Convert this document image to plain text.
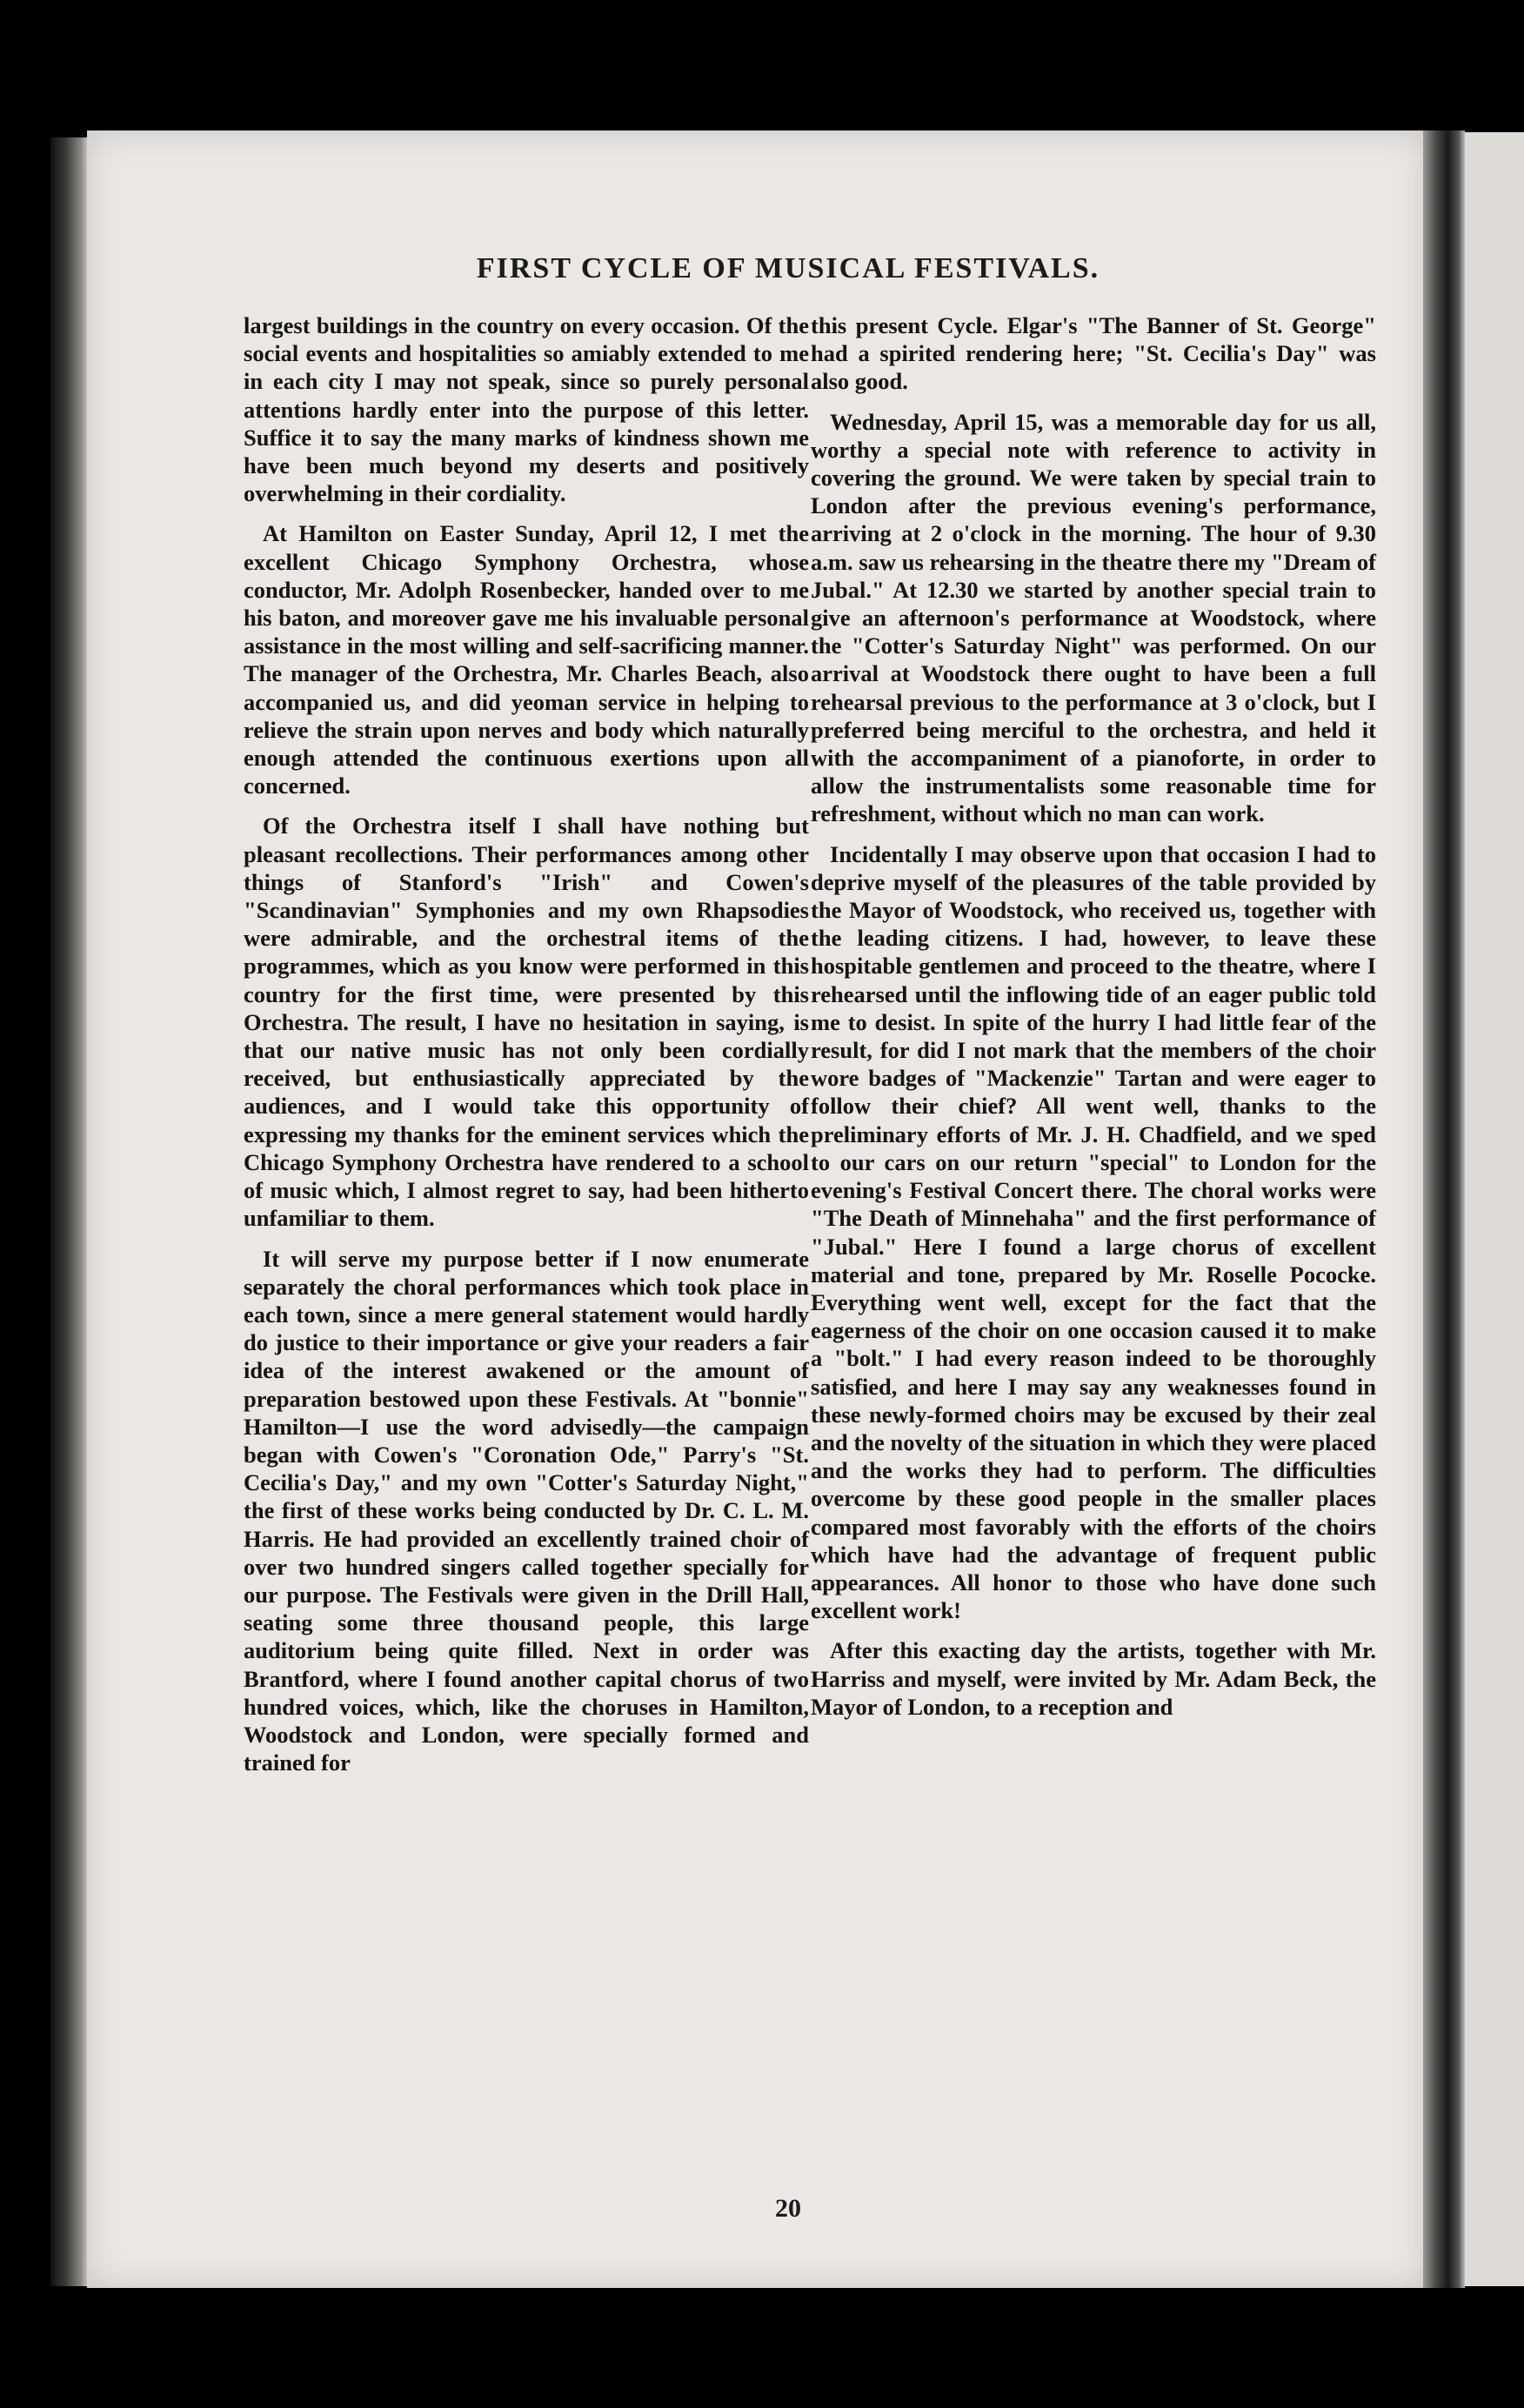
FIRST CYCLE OF MUSICAL FESTIVALS.

largest buildings in the country on every occasion. Of the social events and hospitalities so amiably extended to me in each city I may not speak, since so purely personal attentions hardly enter into the purpose of this letter. Suffice it to say the many marks of kindness shown me have been much beyond my deserts and positively overwhelming in their cordiality.

At Hamilton on Easter Sunday, April 12, I met the excellent Chicago Symphony Orchestra, whose conductor, Mr. Adolph Rosenbecker, handed over to me his baton, and moreover gave me his invaluable personal assistance in the most willing and self-sacrificing manner. The manager of the Orchestra, Mr. Charles Beach, also accompanied us, and did yeoman service in helping to relieve the strain upon nerves and body which naturally enough attended the continuous exertions upon all concerned.

Of the Orchestra itself I shall have nothing but pleasant recollections. Their performances among other things of Stanford's "Irish" and Cowen's "Scandinavian" Symphonies and my own Rhapsodies were admirable, and the orchestral items of the programmes, which as you know were performed in this country for the first time, were presented by this Orchestra. The result, I have no hesitation in saying, is that our native music has not only been cordially received, but enthusiastically appreciated by the audiences, and I would take this opportunity of expressing my thanks for the eminent services which the Chicago Symphony Orchestra have rendered to a school of music which, I almost regret to say, had been hitherto unfamiliar to them.

It will serve my purpose better if I now enumerate separately the choral performances which took place in each town, since a mere general statement would hardly do justice to their importance or give your readers a fair idea of the interest awakened or the amount of preparation bestowed upon these Festivals. At "bonnie" Hamilton—I use the word advisedly—the campaign began with Cowen's "Coronation Ode," Parry's "St. Cecilia's Day," and my own "Cotter's Saturday Night," the first of these works being conducted by Dr. C. L. M. Harris. He had provided an excellently trained choir of over two hundred singers called together specially for our purpose. The Festivals were given in the Drill Hall, seating some three thousand people, this large auditorium being quite filled. Next in order was Brantford, where I found another capital chorus of two hundred voices, which, like the choruses in Hamilton, Woodstock and London, were specially formed and trained for

this present Cycle. Elgar's "The Banner of St. George" had a spirited rendering here; "St. Cecilia's Day" was also good.

Wednesday, April 15, was a memorable day for us all, worthy a special note with reference to activity in covering the ground. We were taken by special train to London after the previous evening's performance, arriving at 2 o'clock in the morning. The hour of 9.30 a.m. saw us rehearsing in the theatre there my "Dream of Jubal." At 12.30 we started by another special train to give an afternoon's performance at Woodstock, where the "Cotter's Saturday Night" was performed. On our arrival at Woodstock there ought to have been a full rehearsal previous to the performance at 3 o'clock, but I preferred being merciful to the orchestra, and held it with the accompaniment of a pianoforte, in order to allow the instrumentalists some reasonable time for refreshment, without which no man can work.

Incidentally I may observe upon that occasion I had to deprive myself of the pleasures of the table provided by the Mayor of Woodstock, who received us, together with the leading citizens. I had, however, to leave these hospitable gentlemen and proceed to the theatre, where I rehearsed until the inflowing tide of an eager public told me to desist. In spite of the hurry I had little fear of the result, for did I not mark that the members of the choir wore badges of "Mackenzie" Tartan and were eager to follow their chief? All went well, thanks to the preliminary efforts of Mr. J. H. Chadfield, and we sped to our cars on our return "special" to London for the evening's Festival Concert there. The choral works were "The Death of Minnehaha" and the first performance of "Jubal." Here I found a large chorus of excellent material and tone, prepared by Mr. Roselle Pococke. Everything went well, except for the fact that the eagerness of the choir on one occasion caused it to make a "bolt." I had every reason indeed to be thoroughly satisfied, and here I may say any weaknesses found in these newly-formed choirs may be excused by their zeal and the novelty of the situation in which they were placed and the works they had to perform. The difficulties overcome by these good people in the smaller places compared most favorably with the efforts of the choirs which have had the advantage of frequent public appearances. All honor to those who have done such excellent work!

After this exacting day the artists, together with Mr. Harriss and myself, were invited by Mr. Adam Beck, the Mayor of London, to a reception and

20
